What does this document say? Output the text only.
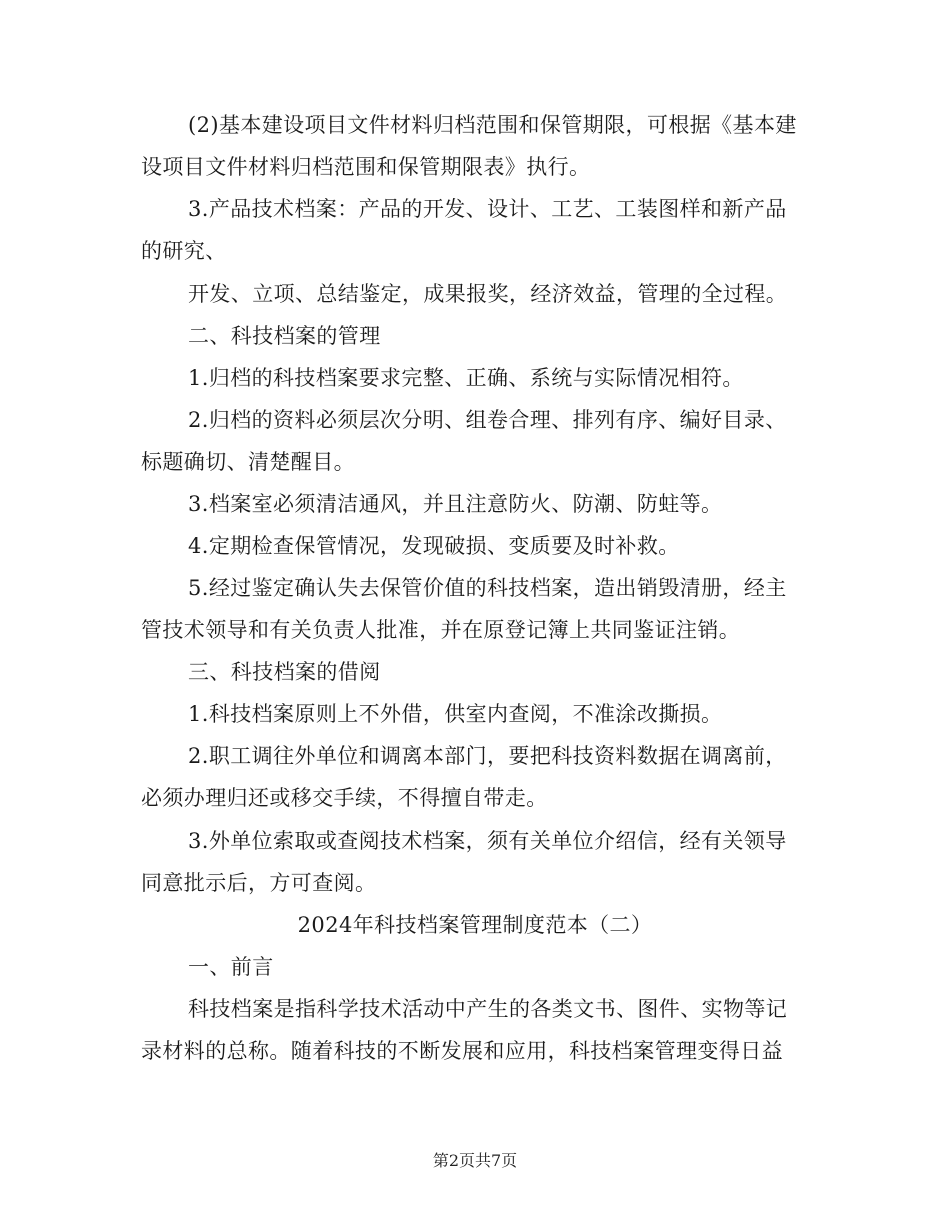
(2)基本建设项目文件材料归档范围和保管期限，可根据《基本建
设项目文件材料归档范围和保管期限表》执行。
3.产品技术档案：产品的开发、设计、工艺、工装图样和新产品
的研究、
开发、立项、总结鉴定，成果报奖，经济效益，管理的全过程。
二、科技档案的管理
1.归档的科技档案要求完整、正确、系统与实际情况相符。
2.归档的资料必须层次分明、组卷合理、排列有序、编好目录、
标题确切、清楚醒目。
3.档案室必须清洁通风，并且注意防火、防潮、防蛀等。
4.定期检查保管情况，发现破损、变质要及时补救。
5.经过鉴定确认失去保管价值的科技档案，造出销毁清册，经主
管技术领导和有关负责人批准，并在原登记簿上共同鉴证注销。
三、科技档案的借阅
1.科技档案原则上不外借，供室内查阅，不准涂改撕损。
2.职工调往外单位和调离本部门，要把科技资料数据在调离前，
必须办理归还或移交手续，不得擅自带走。
3.外单位索取或查阅技术档案，须有关单位介绍信，经有关领导
同意批示后，方可查阅。
2024年科技档案管理制度范本（二）
一、前言
科技档案是指科学技术活动中产生的各类文书、图件、实物等记
录材料的总称。随着科技的不断发展和应用，科技档案管理变得日益
第2页共7页
